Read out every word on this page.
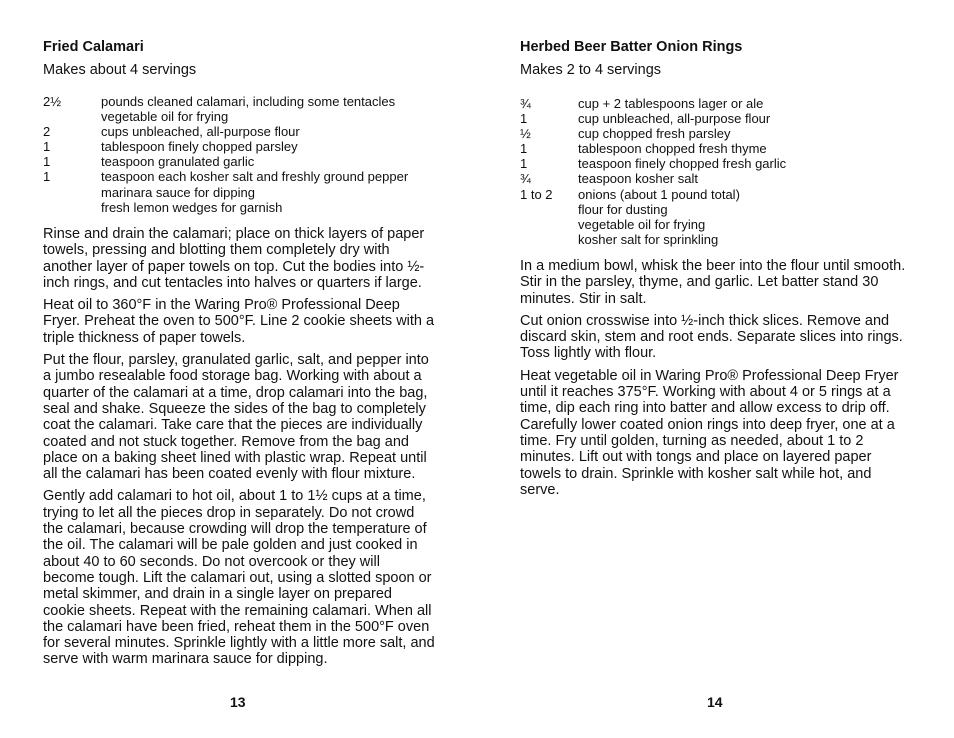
Fried Calamari
Makes about 4 servings
2½	pounds cleaned calamari, including some tentacles
vegetable oil for frying
2	cups unbleached, all-purpose flour
1	tablespoon finely chopped parsley
1	teaspoon granulated garlic
1	teaspoon each kosher salt and freshly ground pepper
marinara sauce for dipping
fresh lemon wedges for garnish

Rinse and drain the calamari; place on thick layers of paper towels, pressing and blotting them completely dry with another layer of paper towels on top. Cut the bodies into ½-inch rings, and cut tentacles into halves or quarters if large.

Heat oil to 360°F in the Waring Pro® Professional Deep Fryer. Preheat the oven to 500°F. Line 2 cookie sheets with a triple thickness of paper towels.

Put the flour, parsley, granulated garlic, salt, and pepper into a jumbo resealable food storage bag. Working with about a quarter of the calamari at a time, drop calamari into the bag, seal and shake. Squeeze the sides of the bag to completely coat the calamari. Take care that the pieces are individually coated and not stuck together. Remove from the bag and place on a baking sheet lined with plastic wrap. Repeat until all the calamari has been coated evenly with flour mixture.

Gently add calamari to hot oil, about 1 to 1½ cups at a time, trying to let all the pieces drop in separately. Do not crowd the calamari, because crowding will drop the temperature of the oil. The calamari will be pale golden and just cooked in about 40 to 60 seconds. Do not overcook or they will become tough. Lift the calamari out, using a slotted spoon or metal skimmer, and drain in a single layer on prepared cookie sheets. Repeat with the remaining calamari. When all the calamari have been fried, reheat them in the 500°F oven for several minutes. Sprinkle lightly with a little more salt, and serve with warm marinara sauce for dipping.

13
Herbed Beer Batter Onion Rings
Makes 2 to 4 servings
¾	cup + 2 tablespoons lager or ale
1	cup unbleached, all-purpose flour
½	cup chopped fresh parsley
1	tablespoon chopped fresh thyme
1	teaspoon finely chopped fresh garlic
¾	teaspoon kosher salt
1 to 2	onions (about 1 pound total)
flour for dusting
vegetable oil for frying
kosher salt for sprinkling

In a medium bowl, whisk the beer into the flour until smooth. Stir in the parsley, thyme, and garlic. Let batter stand 30 minutes. Stir in salt.

Cut onion crosswise into ½-inch thick slices. Remove and discard skin, stem and root ends. Separate slices into rings. Toss lightly with flour.

Heat vegetable oil in Waring Pro® Professional Deep Fryer until it reaches 375°F. Working with about 4 or 5 rings at a time, dip each ring into batter and allow excess to drip off. Carefully lower coated onion rings into deep fryer, one at a time. Fry until golden, turning as needed, about 1 to 2 minutes. Lift out with tongs and place on layered paper towels to drain. Sprinkle with kosher salt while hot, and serve.

14
